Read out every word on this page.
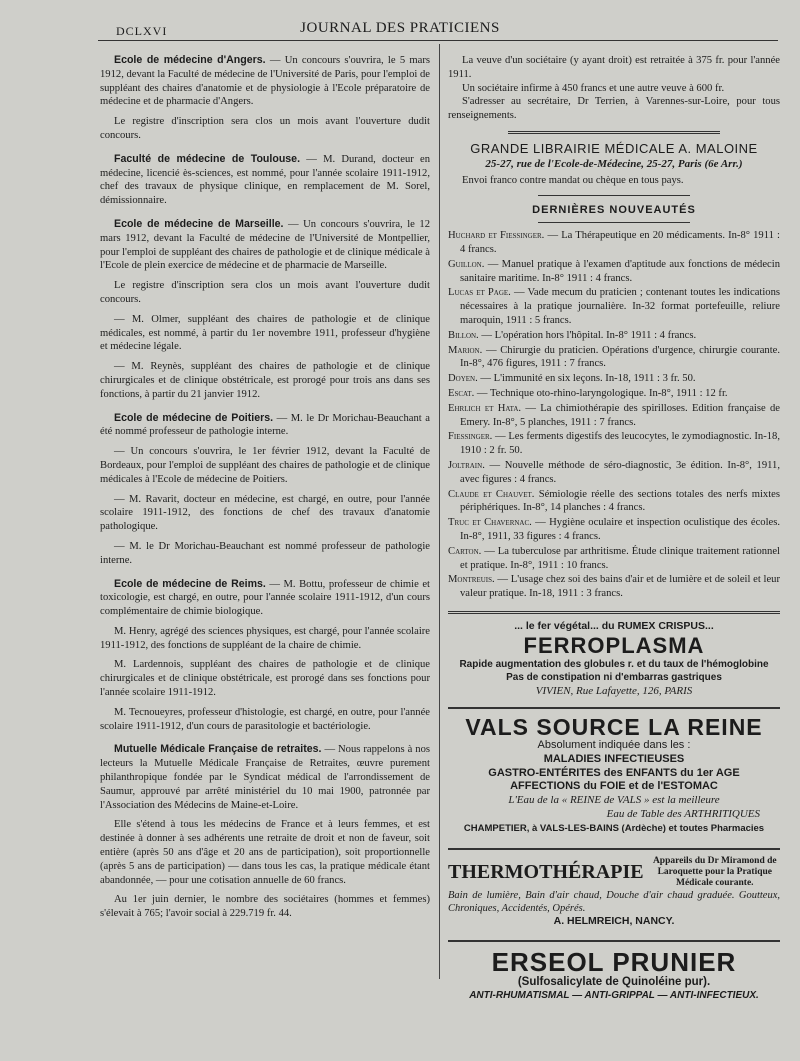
DCLXVI	JOURNAL DES PRATICIENS

Ecole de médecine d'Angers. — Un concours s'ouvrira, le 5 mars 1912, devant la Faculté de médecine de l'Université de Paris, pour l'emploi de suppléant des chaires d'anatomie et de physiologie à l'Ecole préparatoire de médecine et de pharmacie d'Angers.

Le registre d'inscription sera clos un mois avant l'ouverture dudit concours.

Faculté de médecine de Toulouse. — M. Durand, docteur en médecine, licencié ès-sciences, est nommé, pour l'année scolaire 1911-1912, chef des travaux de physique clinique, en remplacement de M. Sorel, démissionnaire.

Ecole de médecine de Marseille. — Un concours s'ouvrira, le 12 mars 1912, devant la Faculté de médecine de l'Université de Montpellier, pour l'emploi de suppléant des chaires de pathologie et de clinique médicale à l'Ecole de plein exercice de médecine et de pharmacie de Marseille.

Le registre d'inscription sera clos un mois avant l'ouverture dudit concours.

— M. Olmer, suppléant des chaires de pathologie et de clinique médicales, est nommé, à partir du 1er novembre 1911, professeur d'hygiène et médecine légale.

— M. Reynès, suppléant des chaires de pathologie et de clinique chirurgicales et de clinique obstétricale, est prorogé pour trois ans dans ses fonctions, à partir du 21 janvier 1912.

Ecole de médecine de Poitiers. — M. le Dr Morichau-Beauchant a été nommé professeur de pathologie interne.

— Un concours s'ouvrira, le 1er février 1912, devant la Faculté de Bordeaux, pour l'emploi de suppléant des chaires de pathologie et de clinique médicales à l'Ecole de médecine de Poitiers.

— M. Ravarit, docteur en médecine, est chargé, en outre, pour l'année scolaire 1911-1912, des fonctions de chef des travaux d'anatomie pathologique.

— M. le Dr Morichau-Beauchant est nommé professeur de pathologie interne.

Ecole de médecine de Reims. — M. Bottu, professeur de chimie et toxicologie, est chargé, en outre, pour l'année scolaire 1911-1912, d'un cours complémentaire de chimie biologique.

M. Henry, agrégé des sciences physiques, est chargé, pour l'année scolaire 1911-1912, des fonctions de suppléant de la chaire de chimie.

M. Lardennois, suppléant des chaires de pathologie et de clinique chirurgicales et de clinique obstétricale, est prorogé dans ses fonctions pour l'année scolaire 1911-1912.

M. Tecnoueyres, professeur d'histologie, est chargé, en outre, pour l'année scolaire 1911-1912, d'un cours de parasitologie et bactériologie.

Mutuelle Médicale Française de retraites. — Nous rappelons à nos lecteurs la Mutuelle Médicale Française de Retraites, œuvre purement philanthropique fondée par le Syndicat médical de l'arrondissement de Saumur, approuvé par arrêté ministériel du 10 mai 1900, patronnée par l'Association des Médecins de Maine-et-Loire.

Elle s'étend à tous les médecins de France et à leurs femmes, et est destinée à donner à ses adhérents une retraite de droit et non de faveur, soit entière (après 50 ans d'âge et 20 ans de participation), soit proportionnelle (après 5 ans de participation) — dans tous les cas, la pratique médicale étant abandonnée, — pour une cotisation annuelle de 60 francs.

Au 1er juin dernier, le nombre des sociétaires (hommes et femmes) s'élevait à 765; l'avoir social à 229.719 fr. 44.

La veuve d'un sociétaire (y ayant droit) est retraitée à 375 fr. pour l'année 1911.

Un sociétaire infirme à 450 francs et une autre veuve à 600 fr.

S'adresser au secrétaire, Dr Terrien, à Varennes-sur-Loire, pour tous renseignements.

GRANDE LIBRAIRIE MÉDICALE A. MALOINE
25-27, rue de l'Ecole-de-Médecine, 25-27, Paris (6e Arr.)

Envoi franco contre mandat ou chèque en tous pays.

DERNIÈRES NOUVEAUTÉS

Huchard et Fiessinger. — La Thérapeutique en 20 médicaments. In-8° 1911 : 4 francs.

Guillon. — Manuel pratique à l'examen d'aptitude aux fonctions de médecin sanitaire maritime. In-8° 1911 : 4 francs.

Lucas et Page. — Vade mecum du praticien ; contenant toutes les indications nécessaires à la pratique journalière. In-32 format portefeuille, reliure maroquin, 1911 : 5 francs.

Billon. — L'opération hors l'hôpital. In-8° 1911 : 4 francs.

Marion. — Chirurgie du praticien. Opérations d'urgence, chirurgie courante. In-8°, 476 figures, 1911 : 7 francs.

Doyen. — L'immunité en six leçons. In-18, 1911 : 3 fr. 50.

Escat. — Technique oto-rhino-laryngologique. In-8°, 1911 : 12 fr.

Ehrlich et Hata. — La chimiothérapie des spirilloses. Edition française de Emery. In-8°, 5 planches, 1911 : 7 francs.

Fiessinger. — Les ferments digestifs des leucocytes, le zymodiagnostic. In-18, 1910 : 2 fr. 50.

Joltrain. — Nouvelle méthode de séro-diagnostic, 3e édition. In-8°, 1911, avec figures : 4 francs.

Claude et Chauvet. Sémiologie réelle des sections totales des nerfs mixtes périphériques. In-8°, 14 planches : 4 francs.

Truc et Chavernac. — Hygiène oculaire et inspection oculistique des écoles. In-8°, 1911, 33 figures : 4 francs.

Carton. — La tuberculose par arthritisme. Étude clinique traitement rationnel et pratique. In-8°, 1911 : 10 francs.

Montreuis. — L'usage chez soi des bains d'air et de lumière et de soleil et leur valeur pratique. In-18, 1911 : 3 francs.

... le fer végétal... du RUMEX CRISPUS...
FERROPLASMA
Rapide augmentation des globules r. et du taux de l'hémoglobine
Pas de constipation ni d'embarras gastriques
VIVIEN, Rue Lafayette, 126, PARIS
VALS SOURCE LA REINE
Absolument indiquée dans les :
MALADIES INFECTIEUSES
GASTRO-ENTÉRITES des ENFANTS du 1er AGE
AFFECTIONS du FOIE et de l'ESTOMAC
L'Eau de la « REINE de VALS » est la meilleure
Eau de Table des ARTHRITIQUES
CHAMPETIER, à VALS-LES-BAINS (Ardèche) et toutes Pharmacies
THERMOTHÉRAPIE Appareils du Dr Miramond de Laroquette pour la Pratique Médicale courante.
Bain de lumière, Bain d'air chaud, Douche d'air chaud graduée. Goutteux, Chroniques, Accidentés, Opérés.
A. HELMREICH, NANCY.
ERSEOL PRUNIER
(Sulfosalicylate de Quinoléine pur).
ANTI-RHUMATISMAL — ANTI-GRIPPAL — ANTI-INFECTIEUX.
